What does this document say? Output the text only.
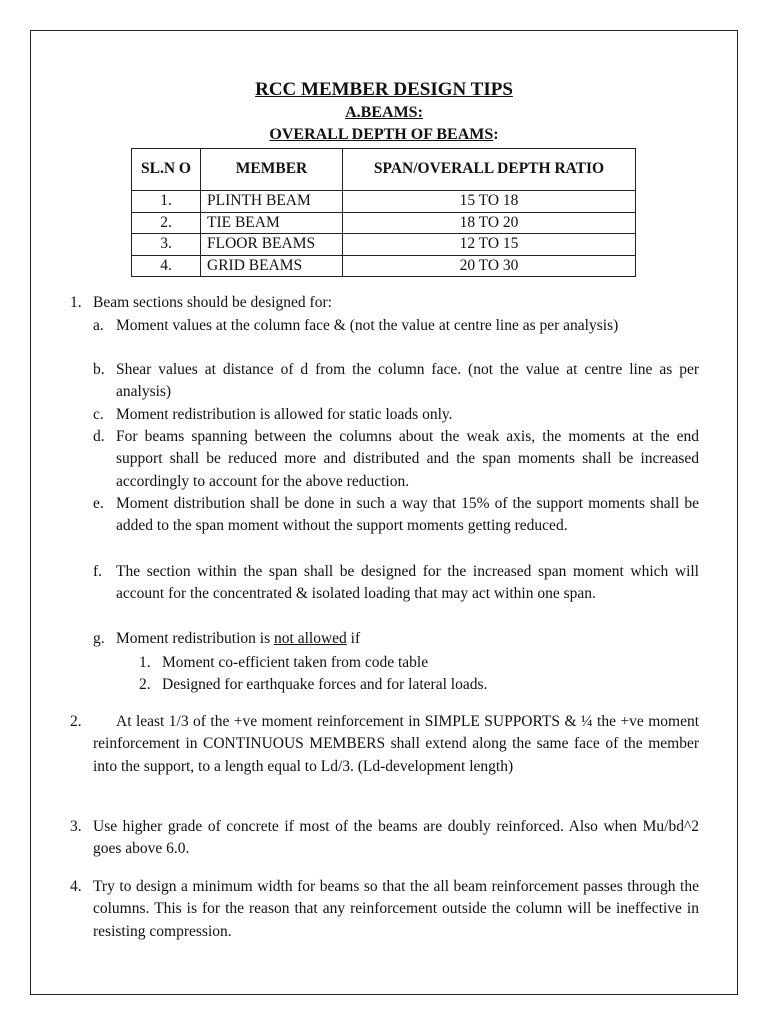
RCC MEMBER DESIGN TIPS
A.BEAMS:
OVERALL DEPTH OF BEAMS:
SL.N O	MEMBER	SPAN/OVERALL DEPTH RATIO
1.	PLINTH BEAM	15 TO 18
2.	TIE BEAM	18 TO 20
3.	FLOOR BEAMS	12 TO 15
4.	GRID BEAMS	20 TO 30
1. Beam sections should be designed for:
a. Moment values at the column face & (not the value at centre line as per analysis)
b. Shear values at distance of d from the column face. (not the value at centre line as per analysis)
c. Moment redistribution is allowed for static loads only.
d. For beams spanning between the columns about the weak axis, the moments at the end support shall be reduced more and distributed and the span moments shall be increased accordingly to account for the above reduction.
e. Moment distribution shall be done in such a way that 15% of the support moments shall be added to the span moment without the support moments getting reduced.
f. The section within the span shall be designed for the increased span moment which will account for the concentrated & isolated loading that may act within one span.
g. Moment redistribution is not allowed if
1. Moment co-efficient taken from code table
2. Designed for earthquake forces and for lateral loads.
2.	At least 1/3 of the +ve moment reinforcement in SIMPLE SUPPORTS & ¼ the +ve moment reinforcement in CONTINUOUS MEMBERS shall extend along the same face of the member into the support, to a length equal to Ld/3. (Ld-development length)
3. Use higher grade of concrete if most of the beams are doubly reinforced. Also when Mu/bd^2 goes above 6.0.
4. Try to design a minimum width for beams so that the all beam reinforcement passes through the columns. This is for the reason that any reinforcement outside the column will be ineffective in resisting compression.
